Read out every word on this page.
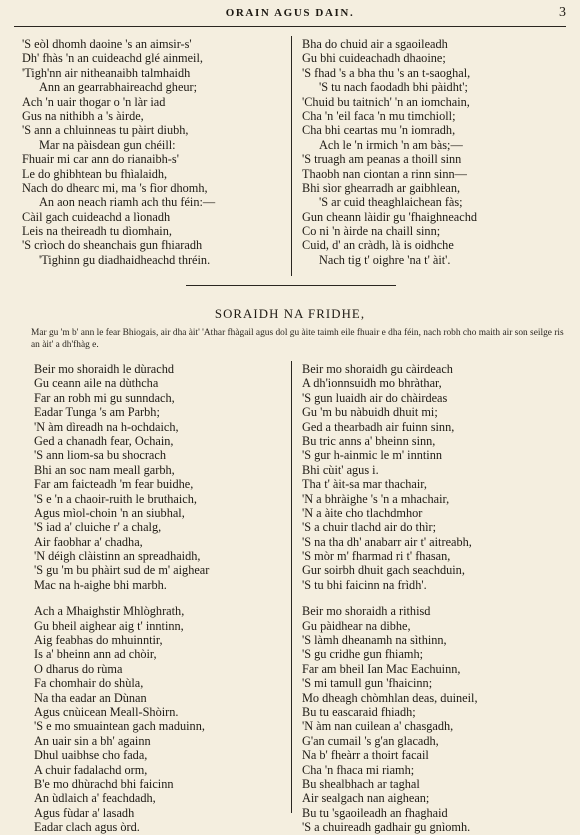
ORAIN AGUS DAIN.	3
'S eòl dhomh daoine 's an aimsir-s'
Dh' fhàs 'n an cuideachd glé ainmeil,
'Tigh'nn air nitheanaibh talmhaidh
Ann an gearrabhaireachd gheur;
Ach 'n uair thogar o 'n làr iad
Gus na nithibh a 's àirde,
'S ann a chluinneas tu pàirt diubh,
Mar na pàisdean gun chéill:
Fhuair mi car ann do rianaibh-s'
Le do ghibhtean bu fhìalaidh,
Nach do dhearc mi, ma 's fìor dhomh,
An aon neach riamh ach thu féin:—
Càil gach cuideachd a lìonadh
Leis na theireadh tu dìomhain,
'S crìoch do sheanchais gun fhiaradh
'Tighinn gu diadhaidheachd thréin.
Bha do chuid air a sgaoileadh
Gu bhi cuideachadh dhaoine;
'S fhad 's a bha thu 's an t-saoghal,
'S tu nach faodadh bhi pàidht';
'Chuid bu taitnich' 'n an iomchain,
Cha 'n 'eil faca 'n mu timchioll;
Cha bhi ceartas mu 'n iomradh,
Ach le 'n irmich 'n am bàs;—
'S truagh am peanas a thoill sinn
Thaobh nan ciontan a rinn sinn—
Bhi sìor ghearradh ar gaibhlean,
'S ar cuid theaghlaichean fàs;
Gun cheann làidir gu 'fhaighneachd
Co ni 'n àirde na chaill sinn;
Cuid, d' an cràdh, là is oidhche
Nach tig t' oighre 'na t' àit'.
SORAIDH NA FRIDHE,
Mar gu 'm b' ann le fear Bhiogais, air dha àit' 'Athar fhàgail agus dol gu àite taimh eile fhuair e dha féin, nach robh cho maith air son seilge ris an àit' a dh'fhàg e.
Beir mo shoraidh le dùrachd
Gu ceann aile na dùthcha
Far an robh mi gu sunndach,
Eadar Tunga 's am Parbh;
'N àm dìreadh na h-ochdaich,
Ged a chanadh fear, Ochain,
'S ann liom-sa bu shocrach
Bhi an soc nam meall garbh,
Far am faicteadh 'm fear buidhe,
'S e 'n a chaoir-ruith le bruthaich,
Agus mìol-choin 'n an siubhal,
'S iad a' cluiche r' a chalg,
Air faobhar a' chadha,
'N déigh clàistinn an spreadhaidh,
'S gu 'm bu phàirt sud de m' aighear
Mac na h-aighe bhi marbh.
Ach a Mhaighstir Mhlòghrath,
Gu bheil aighear aig t' inntinn,
Aig feabhas do mhuinntir,
Is a' bheinn ann ad chòir,
O dharus do rùma
Fa chomhair do shùla,
Na tha eadar an Dùnan
Agus cnùicean Meall-Shòirn.
'S e mo smuaintean gach maduinn,
An uair sin a bh' againn
Dhul uaibhse cho fada,
A chuir fadalachd orm,
B'e mo dhùrachd bhi faicinn
An ùdlaich a' feachdadh,
Agus fùdar a' lasadh
Eadar clach agus òrd.
Beir mo shoraidh gu càirdeach
A dh'ionnsuidh mo bhràthar,
'S gun luaidh air do chàirdeas
Gu 'm bu nàbuidh dhuit mi;
Ged a thearbadh air fuinn sinn,
Bu tric anns a' bheinn sinn,
'S gur h-ainmic le m' inntinn
Bhi cùit' agus i.
Tha t' àit-sa mar thachair,
'N a bhràighe 's 'n a mhachair,
'N a àite cho tlachdmhor
'S a chuir tlachd air do thìr;
'S na tha dh' anabarr air t' aitreabh,
'S mòr m' fharmad ri t' fhasan,
Gur soirbh dhuit gach seachduin,
'S tu bhi faicinn na frìdh'.
Beir mo shoraidh a rithisd
Gu pàidhear na dibhe,
'S làmh dheanamh na sìthinn,
'S gu cridhe gun fhiamh;
Far am bheil Ian Mac Eachuinn,
'S mi tamull gun 'fhaicinn;
Mo dheagh chòmhlan deas, duineil,
Bu tu eascaraid fhiadh;
'N àm nan cuilean a' chasgadh,
G'an cumail 's g'an glacadh,
Na b' fheàrr a thoirt facail
Cha 'n fhaca mi riamh;
Bu shealbhach ar taghal
Air sealgach nan aighean;
Bu tu 'sgaoileadh an fhaghaid
'S a chuireadh gadhair gu gnìomh.
